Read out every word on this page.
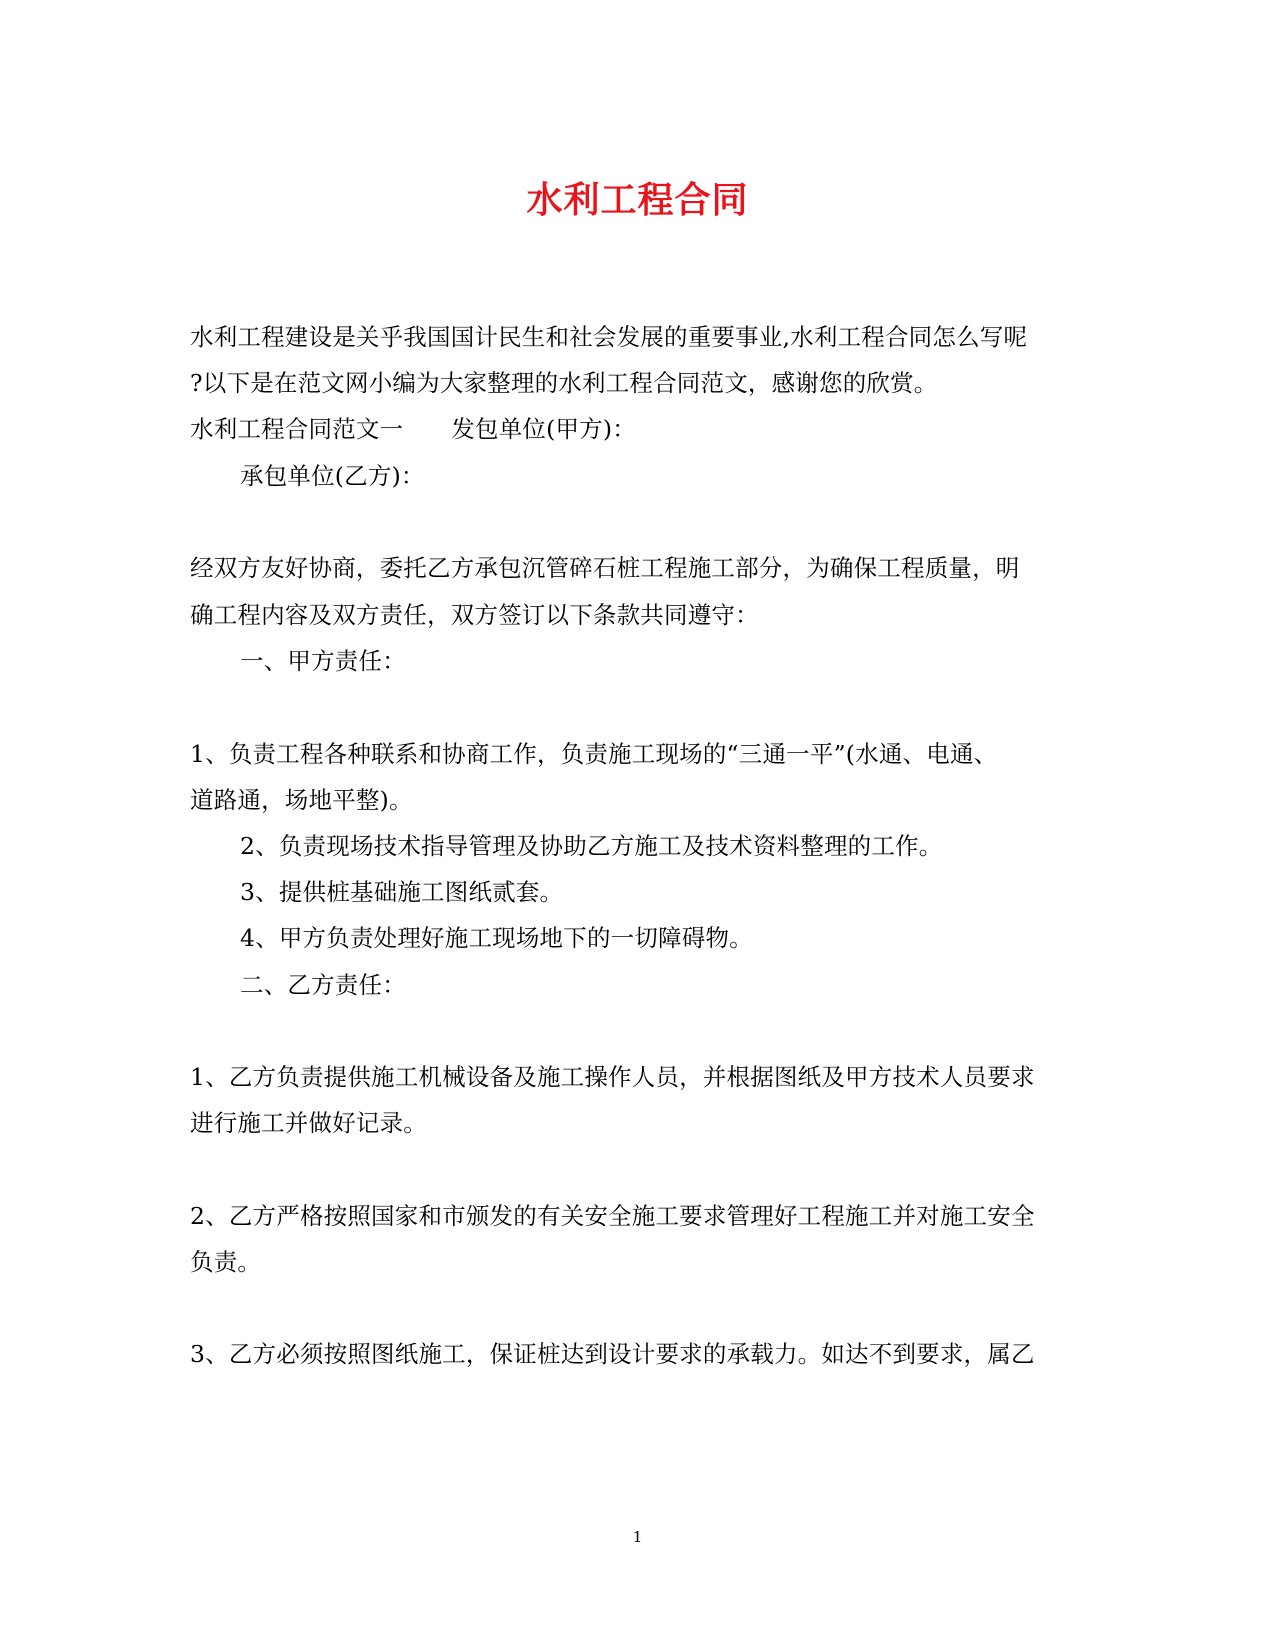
水利工程合同
水利工程建设是关乎我国国计民生和社会发展的重要事业,水利工程合同怎么写呢
?以下是在范文网小编为大家整理的水利工程合同范文，感谢您的欣赏。
水利工程合同范文一 发包单位(甲方)：
承包单位(乙方)：
经双方友好协商，委托乙方承包沉管碎石桩工程施工部分，为确保工程质量，明
确工程内容及双方责任，双方签订以下条款共同遵守：
一、甲方责任：
1、负责工程各种联系和协商工作，负责施工现场的“三通一平”(水通、电通、
道路通，场地平整)。
2、负责现场技术指导管理及协助乙方施工及技术资料整理的工作。
3、提供桩基础施工图纸贰套。
4、甲方负责处理好施工现场地下的一切障碍物。
二、乙方责任：
1、乙方负责提供施工机械设备及施工操作人员，并根据图纸及甲方技术人员要求
进行施工并做好记录。
2、乙方严格按照国家和市颁发的有关安全施工要求管理好工程施工并对施工安全
负责。
3、乙方必须按照图纸施工，保证桩达到设计要求的承载力。如达不到要求，属乙
1
